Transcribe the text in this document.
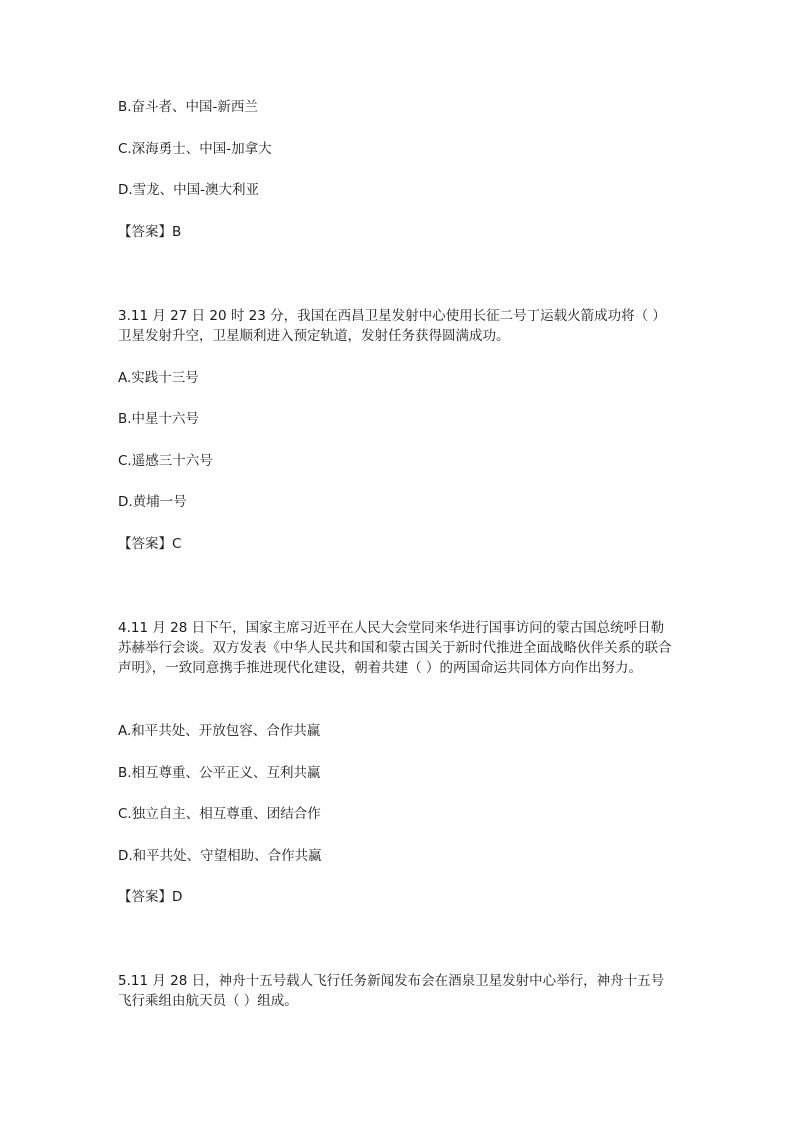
B.奋斗者、中国-新西兰
C.深海勇士、中国-加拿大
D.雪龙、中国-澳大利亚
【答案】B
3.11 月 27 日 20 时 23 分，我国在西昌卫星发射中心使用长征二号丁运载火箭成功将（ ）卫星发射升空，卫星顺利进入预定轨道，发射任务获得圆满成功。
A.实践十三号
B.中星十六号
C.遥感三十六号
D.黄埔一号
【答案】C
4.11 月 28 日下午，国家主席习近平在人民大会堂同来华进行国事访问的蒙古国总统呼日勒苏赫举行会谈。双方发表《中华人民共和国和蒙古国关于新时代推进全面战略伙伴关系的联合声明》，一致同意携手推进现代化建设，朝着共建（ ）的两国命运共同体方向作出努力。
A.和平共处、开放包容、合作共赢
B.相互尊重、公平正义、互利共赢
C.独立自主、相互尊重、团结合作
D.和平共处、守望相助、合作共赢
【答案】D
5.11 月 28 日，神舟十五号载人飞行任务新闻发布会在酒泉卫星发射中心举行，神舟十五号飞行乘组由航天员（ ）组成。
